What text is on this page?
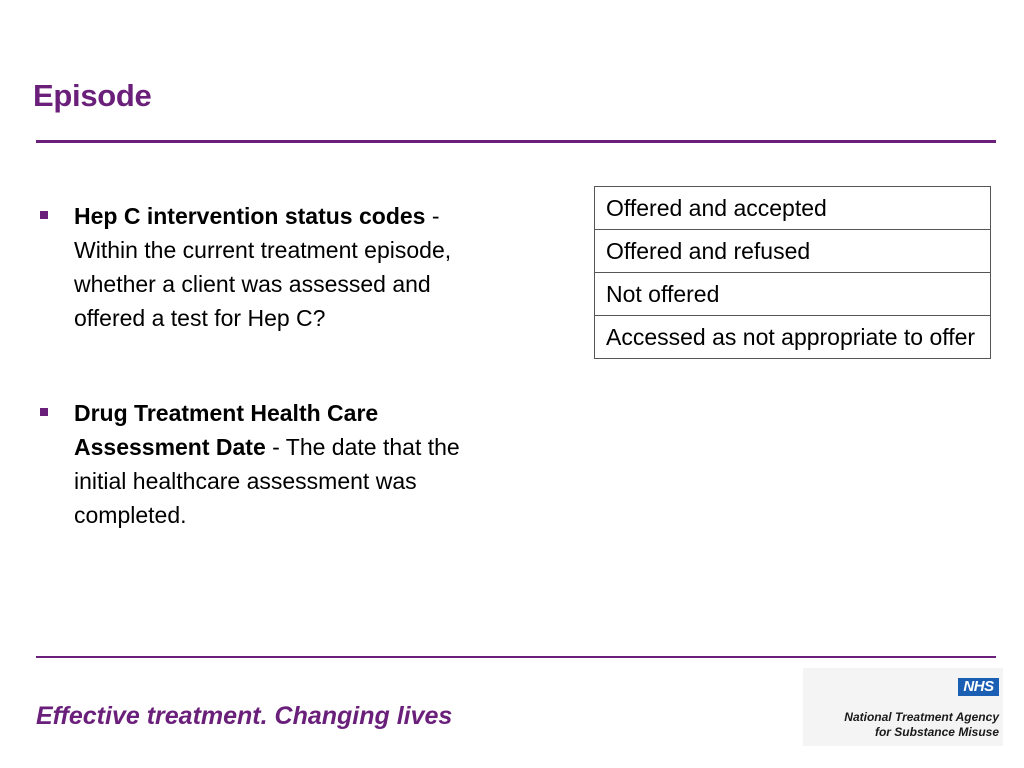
Episode
Hep C intervention status codes - Within the current treatment episode, whether a client was assessed and offered a test for Hep C?
Drug Treatment Health Care Assessment Date - The date that the initial healthcare assessment was completed.
Offered and accepted
Offered and refused
Not offered
Accessed as not appropriate to offer
Effective treatment. Changing lives
NHS
National Treatment Agency
for Substance Misuse
